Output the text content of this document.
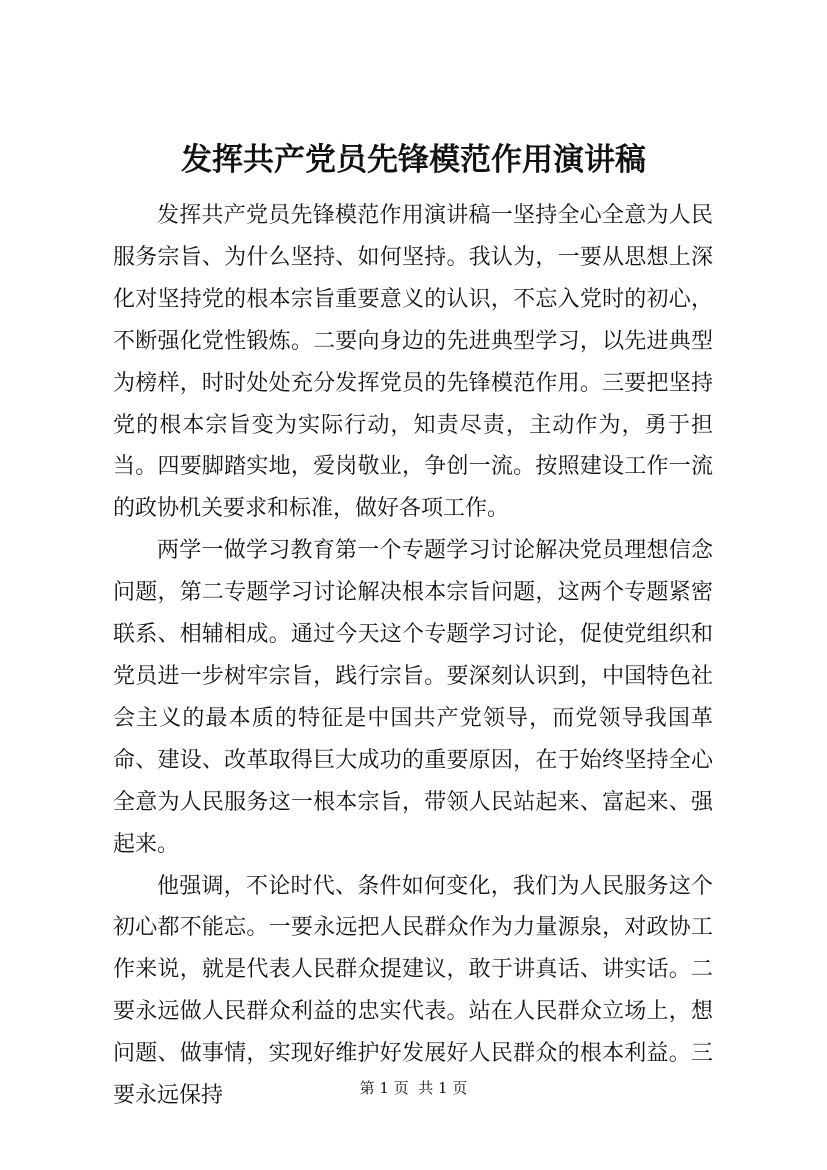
发挥共产党员先锋模范作用演讲稿

发挥共产党员先锋模范作用演讲稿一坚持全心全意为人民服务宗旨、为什么坚持、如何坚持。我认为，一要从思想上深化对坚持党的根本宗旨重要意义的认识，不忘入党时的初心，不断强化党性锻炼。二要向身边的先进典型学习，以先进典型为榜样，时时处处充分发挥党员的先锋模范作用。三要把坚持党的根本宗旨变为实际行动，知责尽责，主动作为，勇于担当。四要脚踏实地，爱岗敬业，争创一流。按照建设工作一流的政协机关要求和标准，做好各项工作。

两学一做学习教育第一个专题学习讨论解决党员理想信念问题，第二专题学习讨论解决根本宗旨问题，这两个专题紧密联系、相辅相成。通过今天这个专题学习讨论，促使党组织和党员进一步树牢宗旨，践行宗旨。要深刻认识到，中国特色社会主义的最本质的特征是中国共产党领导，而党领导我国革命、建设、改革取得巨大成功的重要原因，在于始终坚持全心全意为人民服务这一根本宗旨，带领人民站起来、富起来、强起来。

他强调，不论时代、条件如何变化，我们为人民服务这个初心都不能忘。一要永远把人民群众作为力量源泉，对政协工作来说，就是代表人民群众提建议，敢于讲真话、讲实话。二要永远做人民群众利益的忠实代表。站在人民群众立场上，想问题、做事情，实现好维护好发展好人民群众的根本利益。三要永远保持	第 1 页  共 1 页
